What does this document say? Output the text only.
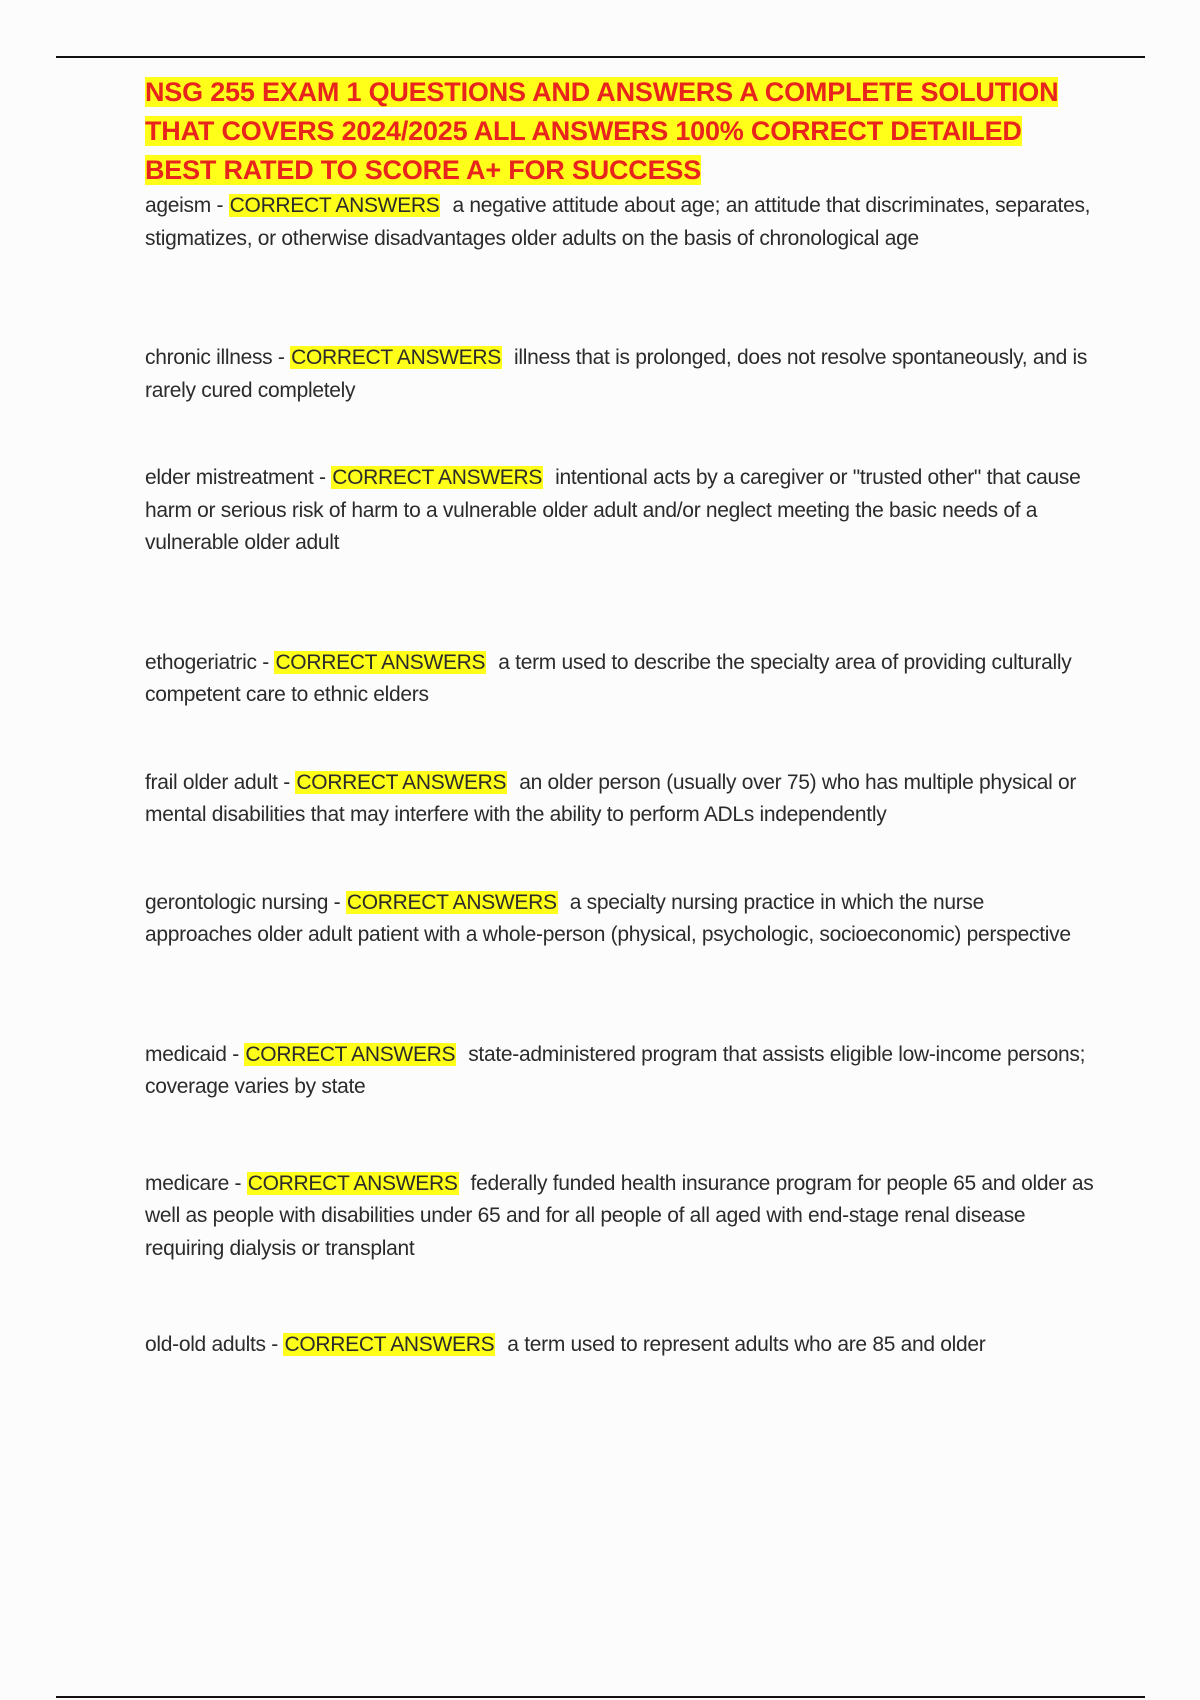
NSG 255 EXAM 1 QUESTIONS AND ANSWERS A COMPLETE SOLUTION THAT COVERS 2024/2025 ALL ANSWERS 100% CORRECT DETAILED BEST RATED TO SCORE A+ FOR SUCCESS
ageism - CORRECT ANSWERS a negative attitude about age; an attitude that discriminates, separates, stigmatizes, or otherwise disadvantages older adults on the basis of chronological age
chronic illness - CORRECT ANSWERS illness that is prolonged, does not resolve spontaneously, and is rarely cured completely
elder mistreatment - CORRECT ANSWERS intentional acts by a caregiver or "trusted other" that cause harm or serious risk of harm to a vulnerable older adult and/or neglect meeting the basic needs of a vulnerable older adult
ethogeriatric - CORRECT ANSWERS a term used to describe the specialty area of providing culturally competent care to ethnic elders
frail older adult - CORRECT ANSWERS an older person (usually over 75) who has multiple physical or mental disabilities that may interfere with the ability to perform ADLs independently
gerontologic nursing - CORRECT ANSWERS a specialty nursing practice in which the nurse approaches older adult patient with a whole-person (physical, psychologic, socioeconomic) perspective
medicaid - CORRECT ANSWERS state-administered program that assists eligible low-income persons; coverage varies by state
medicare - CORRECT ANSWERS federally funded health insurance program for people 65 and older as well as people with disabilities under 65 and for all people of all aged with end-stage renal disease requiring dialysis or transplant
old-old adults - CORRECT ANSWERS a term used to represent adults who are 85 and older
